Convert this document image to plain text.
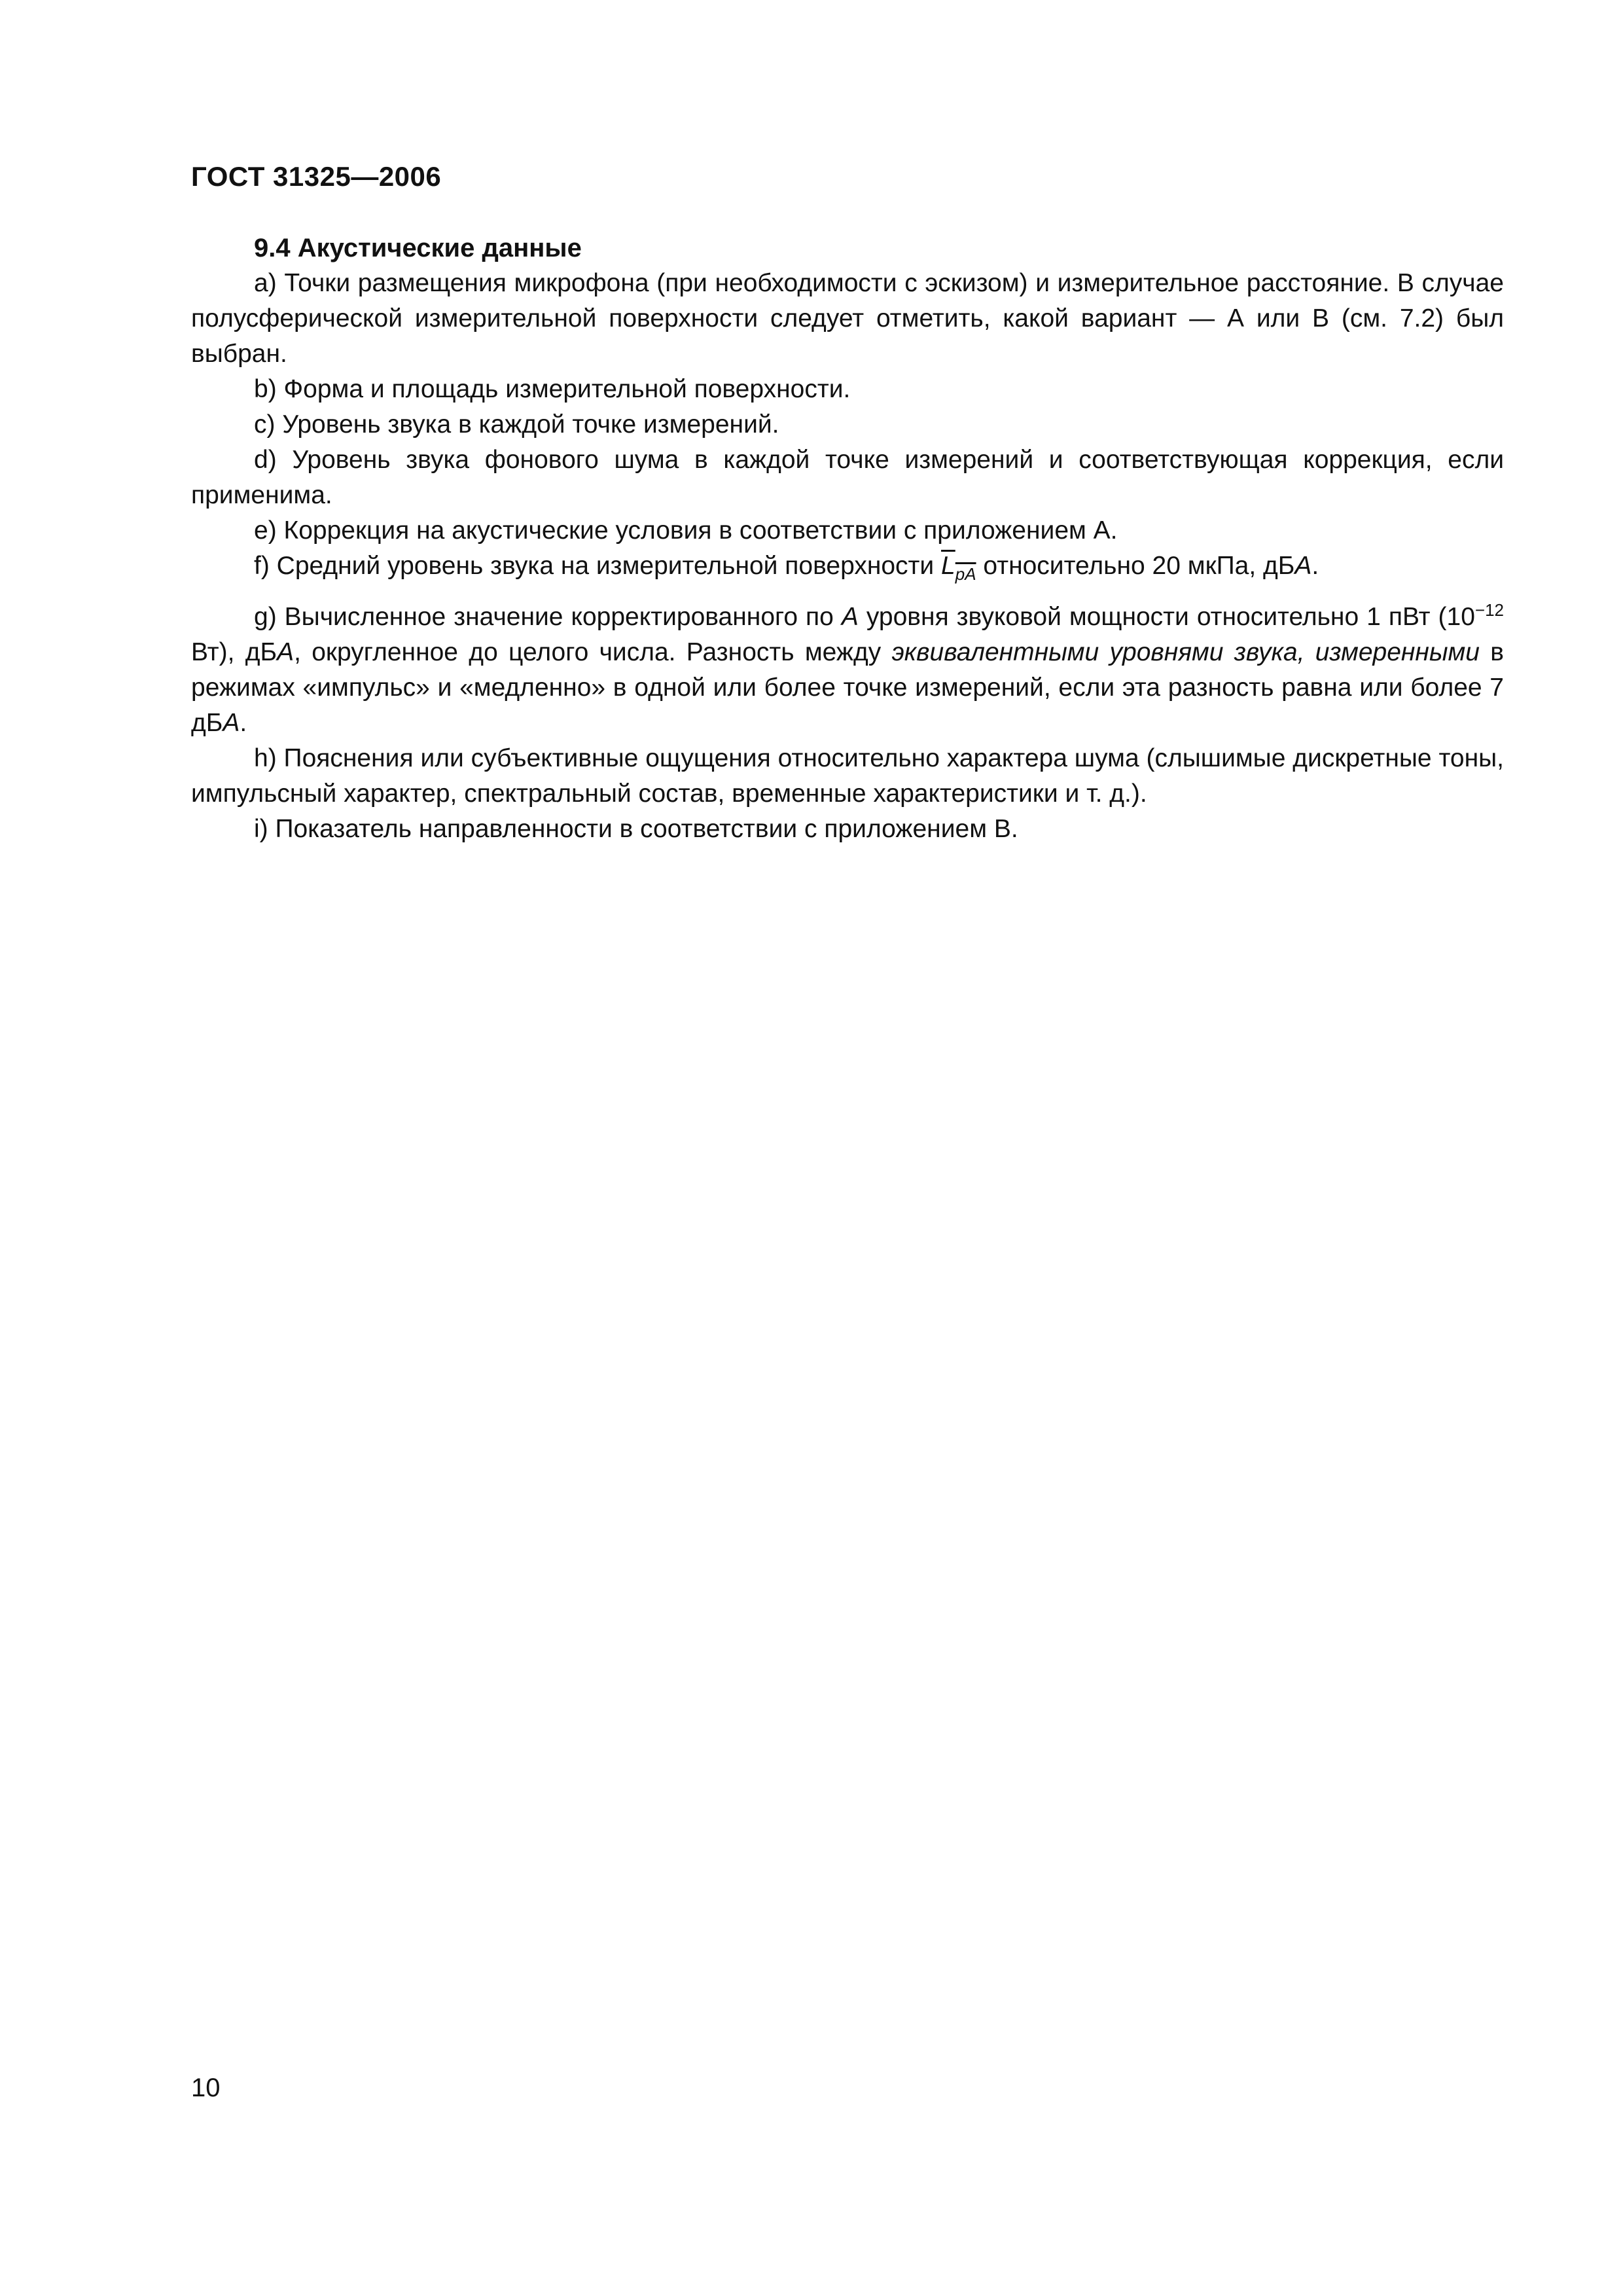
ГОСТ 31325—2006

9.4 Акустические данные

а) Точки размещения микрофона (при необходимости с эскизом) и измерительное расстояние. В случае полусферической измерительной поверхности следует отметить, какой вариант — А или В (см. 7.2) был выбран.

b) Форма и площадь измерительной поверхности.

c) Уровень звука в каждой точке измерений.

d) Уровень звука фонового шума в каждой точке измерений и соответствующая коррекция, если применима.

e) Коррекция на акустические условия в соответствии с приложением А.

f) Средний уровень звука на измерительной поверхности $L_{pA}$ относительно 20 мкПа, дБA.

g) Вычисленное значение корректированного по A уровня звуковой мощности относительно 1 пВт ($10^{-12}$ Вт), дБA, округленное до целого числа. Разность между эквивалентными уровнями звука, измеренными в режимах «импульс» и «медленно» в одной или более точке измерений, если эта разность равна или более 7 дБA.

h) Пояснения или субъективные ощущения относительно характера шума (слышимые дискретные тоны, импульсный характер, спектральный состав, временные характеристики и т. д.).

i) Показатель направленности в соответствии с приложением В.

10
